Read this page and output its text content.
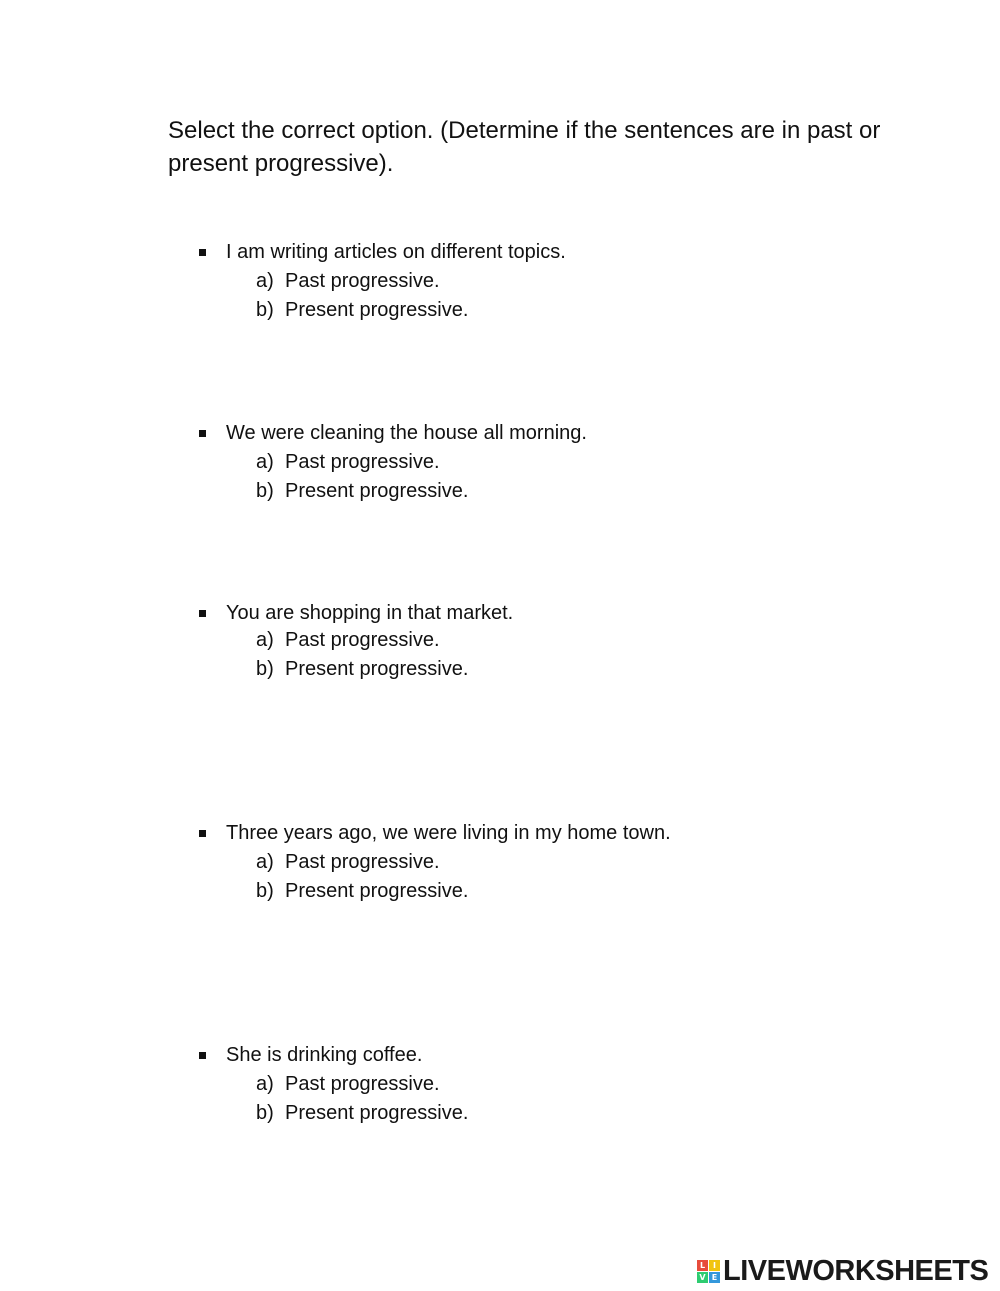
Select the correct option. (Determine if the sentences are in past or present progressive).

I am writing articles on different topics.
a) Past progressive.
b) Present progressive.
We were cleaning the house all morning.
a) Past progressive.
b) Present progressive.
You are shopping in that market.
a) Past progressive.
b) Present progressive.
Three years ago, we were living in my home town.
a) Past progressive.
b) Present progressive.
She is drinking coffee.
a) Past progressive.
b) Present progressive.
L I
V E LIVEWORKSHEETS
